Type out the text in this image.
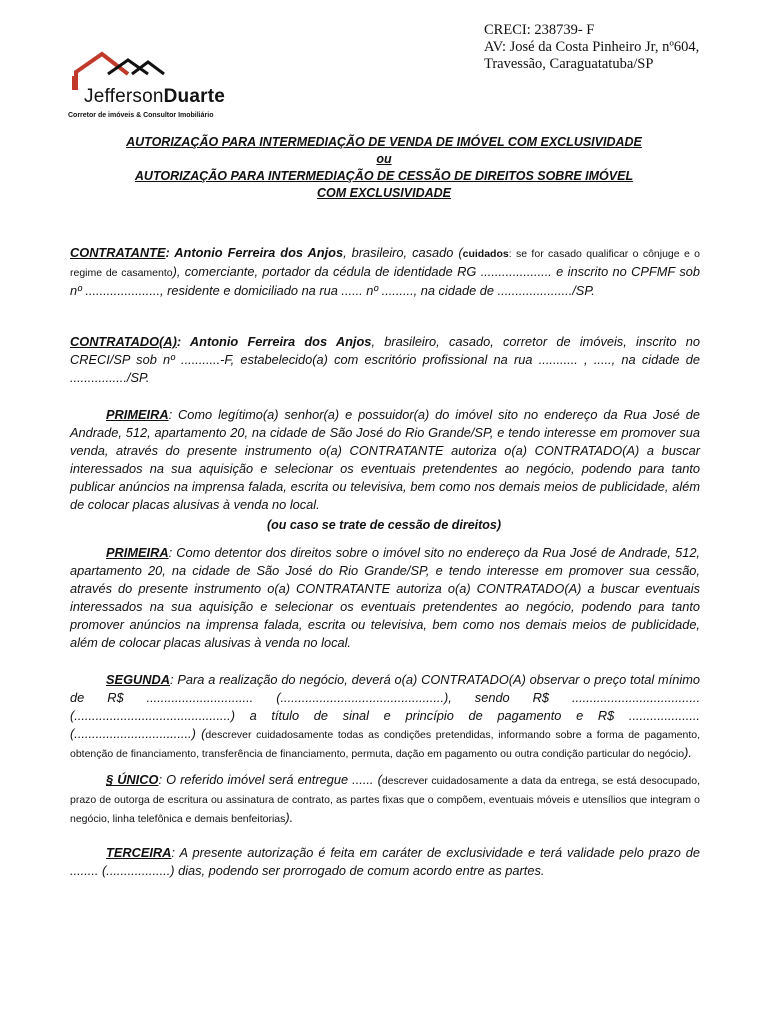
JeffersonDuarte
Corretor de imóveis & Consultor Imobiliário
CRECI: 238739- F
AV: José da Costa Pinheiro Jr, nº604,
Travessão, Caraguatatuba/SP
AUTORIZAÇÃO PARA INTERMEDIAÇÃO DE VENDA DE IMÓVEL COM EXCLUSIVIDADE
ou
AUTORIZAÇÃO PARA INTERMEDIAÇÃO DE CESSÃO DE DIREITOS SOBRE IMÓVEL
COM EXCLUSIVIDADE
CONTRATANTE: Antonio Ferreira dos Anjos, brasileiro, casado (cuidados: se for casado qualificar o cônjuge e o regime de casamento), comerciante, portador da cédula de identidade RG .................... e inscrito no CPFMF sob nº ....................., residente e domiciliado na rua ...... nº ........., na cidade de ...................../SP.
CONTRATADO(A): Antonio Ferreira dos Anjos, brasileiro, casado, corretor de imóveis, inscrito no CRECI/SP sob nº ...........-F, estabelecido(a) com escritório profissional na rua ........... , ....., na cidade de ................/SP.
PRIMEIRA: Como legítimo(a) senhor(a) e possuidor(a) do imóvel sito no endereço da Rua José de Andrade, 512, apartamento 20, na cidade de São José do Rio Grande/SP, e tendo interesse em promover sua venda, através do presente instrumento o(a) CONTRATANTE autoriza o(a) CONTRATADO(A) a buscar interessados na sua aquisição e selecionar os eventuais pretendentes ao negócio, podendo para tanto publicar anúncios na imprensa falada, escrita ou televisiva, bem como nos demais meios de publicidade, além de colocar placas alusivas à venda no local.
(ou caso se trate de cessão de direitos)
PRIMEIRA: Como detentor dos direitos sobre o imóvel sito no endereço da Rua José de Andrade, 512, apartamento 20, na cidade de São José do Rio Grande/SP, e tendo interesse em promover sua cessão, através do presente instrumento o(a) CONTRATANTE autoriza o(a) CONTRATADO(A) a buscar eventuais interessados na sua aquisição e selecionar os eventuais pretendentes ao negócio, podendo para tanto promover anúncios na imprensa falada, escrita ou televisiva, bem como nos demais meios de publicidade, além de colocar placas alusivas à venda no local.
SEGUNDA: Para a realização do negócio, deverá o(a) CONTRATADO(A) observar o preço total mínimo de R$ .............................. (..............................................), sendo R$ .................................... (............................................) a título de sinal e princípio de pagamento e R$ .................... (.................................) (descrever cuidadosamente todas as condições pretendidas, informando sobre a forma de pagamento, obtenção de financiamento, transferência de financiamento, permuta, dação em pagamento ou outra condição particular do negócio).
§ ÚNICO: O referido imóvel será entregue ...... (descrever cuidadosamente a data da entrega, se está desocupado, prazo de outorga de escritura ou assinatura de contrato, as partes fixas que o compõem, eventuais móveis e utensílios que integram o negócio, linha telefônica e demais benfeitorias).
TERCEIRA: A presente autorização é feita em caráter de exclusividade e terá validade pelo prazo de ........ (..................) dias, podendo ser prorrogado de comum acordo entre as partes.
